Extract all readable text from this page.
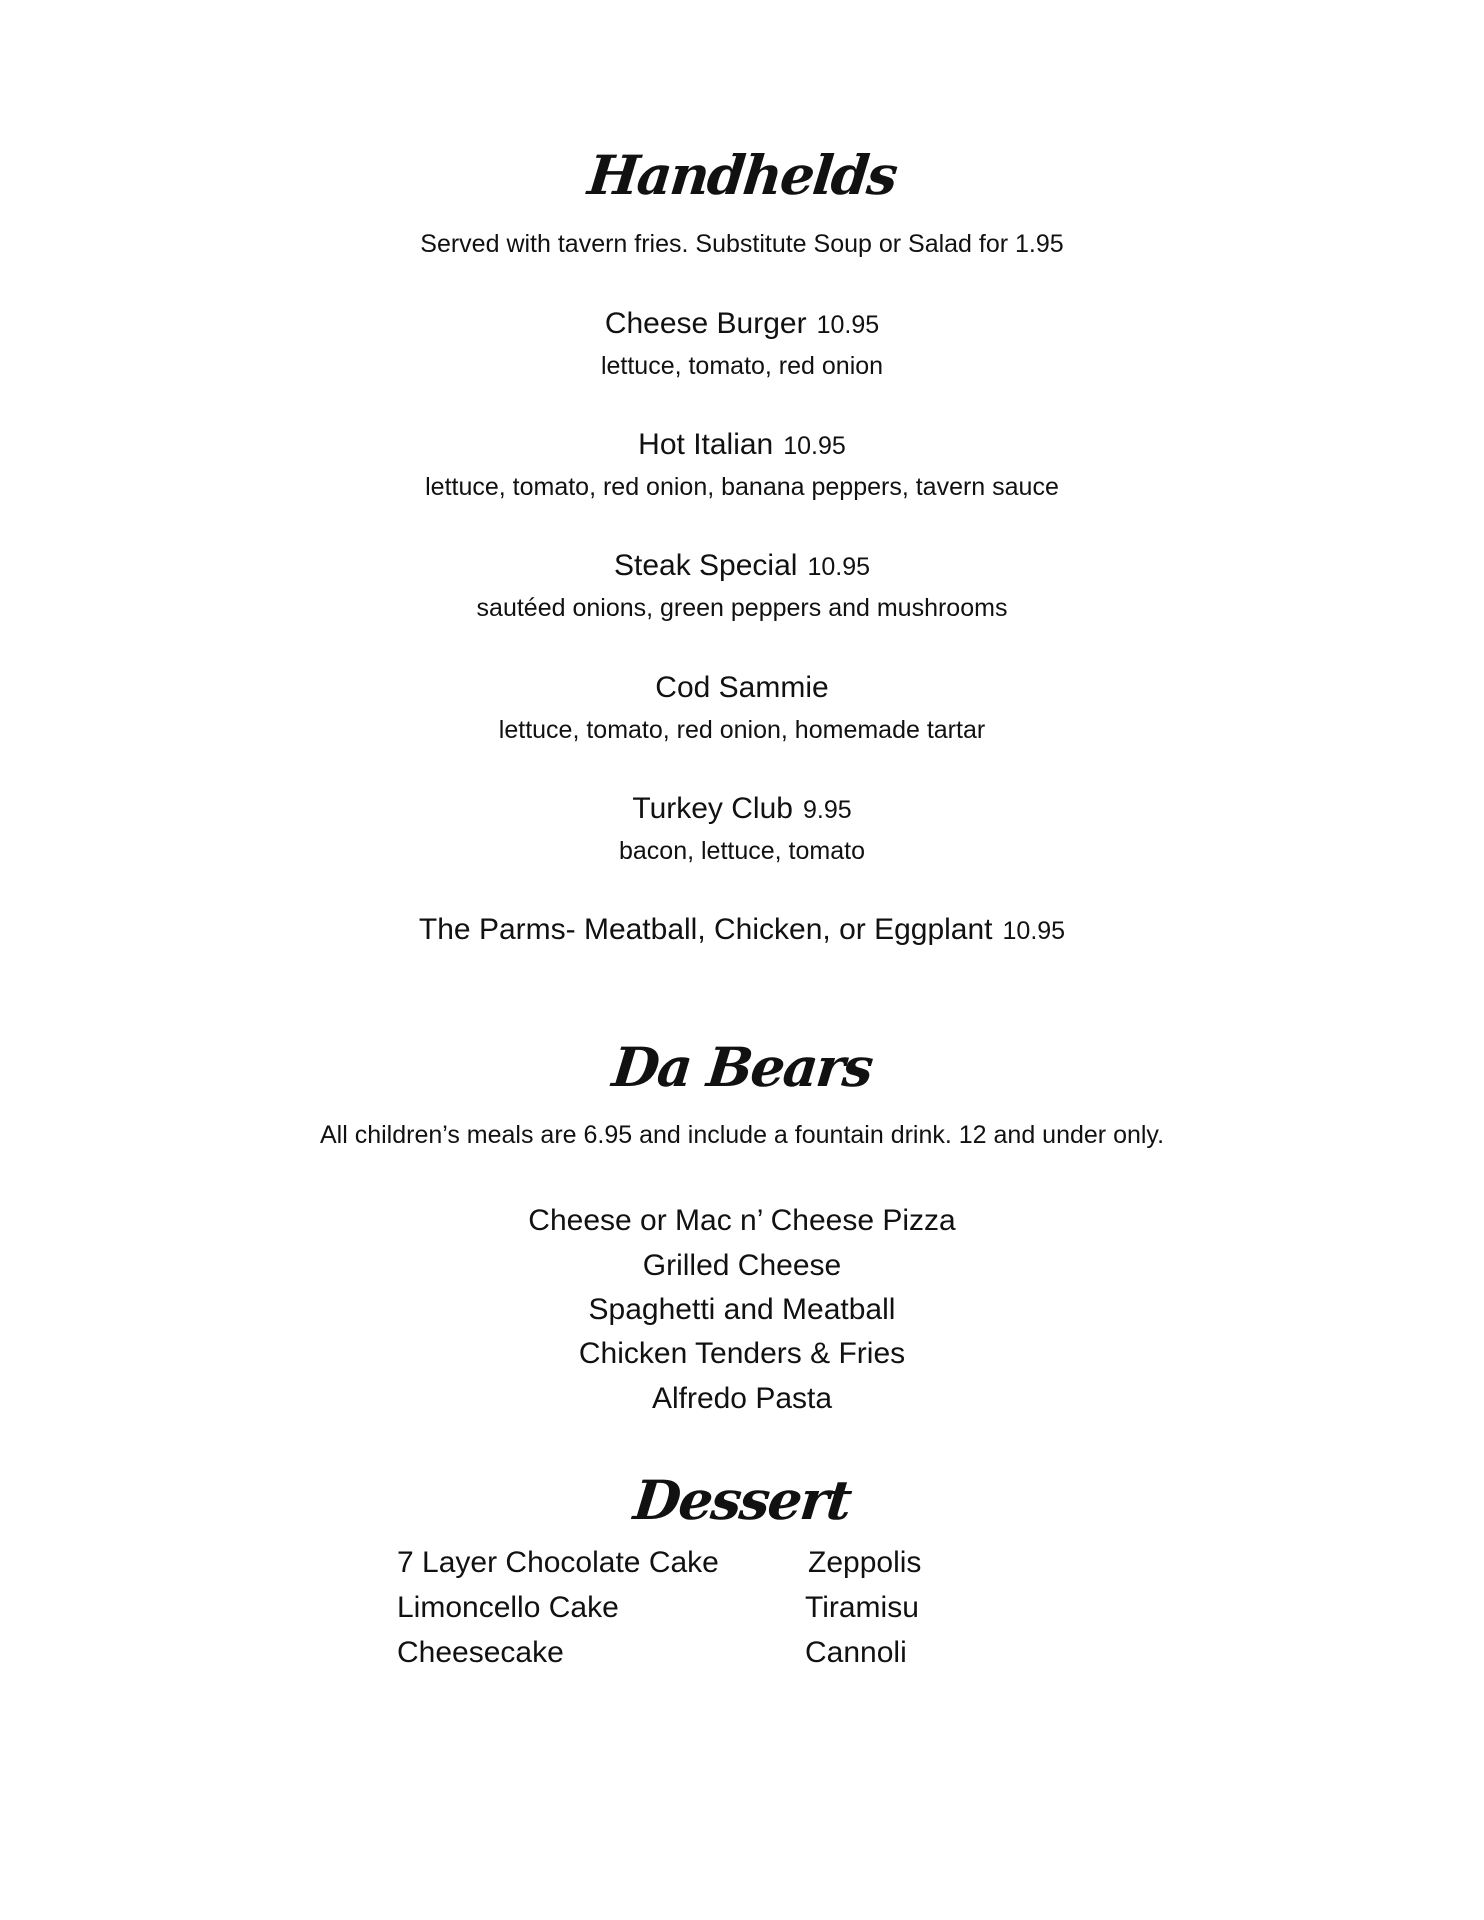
Handhelds
Served with tavern fries. Substitute Soup or Salad for 1.95
Cheese Burger 10.95
lettuce, tomato, red onion
Hot Italian 10.95
lettuce, tomato, red onion, banana peppers, tavern sauce
Steak Special 10.95
sautéed onions, green peppers and mushrooms
Cod Sammie
lettuce, tomato, red onion, homemade tartar
Turkey Club 9.95
bacon, lettuce, tomato
The Parms- Meatball, Chicken, or Eggplant 10.95
Da Bears
All children’s meals are 6.95 and include a fountain drink. 12 and under only.
Cheese or Mac n’ Cheese Pizza
Grilled Cheese
Spaghetti and Meatball
Chicken Tenders & Fries
Alfredo Pasta
Dessert
7 Layer Chocolate Cake
Limoncello Cake
Cheesecake
Zeppolis
Tiramisu
Cannoli
